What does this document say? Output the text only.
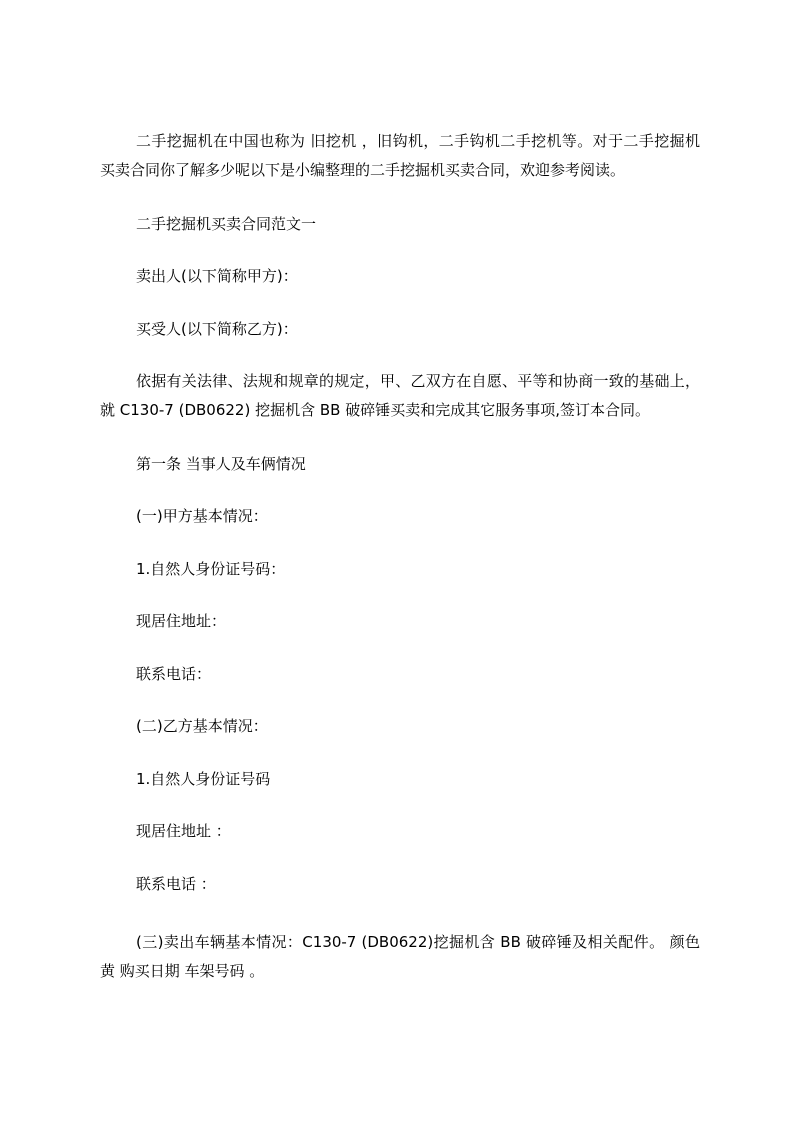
二手挖掘机在中国也称为 旧挖机 ，旧钩机，二手钩机二手挖机等。对于二手挖掘机买卖合同你了解多少呢以下是小编整理的二手挖掘机买卖合同，欢迎参考阅读。

二手挖掘机买卖合同范文一

卖出人(以下简称甲方)：

买受人(以下简称乙方)：

依据有关法律、法规和规章的规定，甲、乙双方在自愿、平等和协商一致的基础上，就 C130-7 (DB0622) 挖掘机含 BB 破碎锤买卖和完成其它服务事项,签订本合同。

第一条 当事人及车俩情况

(一)甲方基本情况：

1.自然人身份证号码：

现居住地址：

联系电话：

(二)乙方基本情况：

1.自然人身份证号码

现居住地址 ：

联系电话 ：

(三)卖出车辆基本情况：C130-7 (DB0622)挖掘机含 BB 破碎锤及相关配件。 颜色 黄 购买日期 车架号码 。
